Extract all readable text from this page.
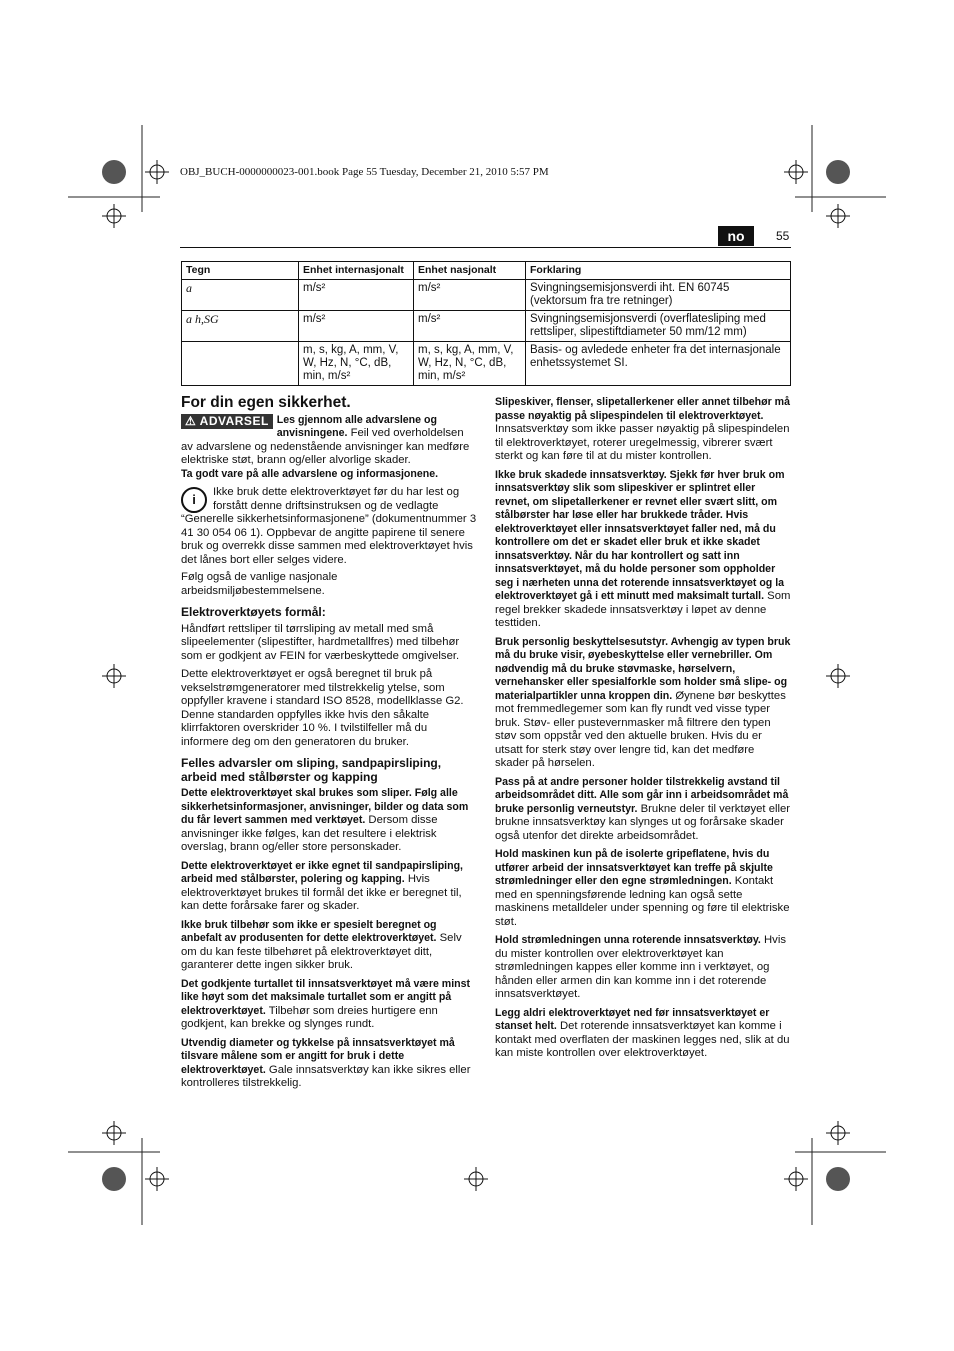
OBJ_BUCH-0000000023-001.book Page 55 Tuesday, December 21, 2010 5:57 PM
no	55
Tegn	Enhet internasjonalt	Enhet nasjonalt	Forklaring
a	m/s²	m/s²	Svingningsemisjonsverdi iht. EN 60745 (vektorsum fra tre retninger)
a h,SG	m/s²	m/s²	Svingningsemisjonsverdi (overflatesliping med rettsliper, slipestiftdiameter 50 mm/12 mm)
	m, s, kg, A, mm, V, W, Hz, N, °C, dB, min, m/s²	m, s, kg, A, mm, V, W, Hz, N, °C, dB, min, m/s²	Basis- og avledede enheter fra det internasjonale enhetssystemet SI.
For din egen sikkerhet.
⚠ ADVARSEL Les gjennom alle advarslene og anvisningene. Feil ved overholdelsen av advarslene og nedenstående anvisninger kan medføre elektriske støt, brann og/eller alvorlige skader.

Ta godt vare på alle advarslene og informasjonene.

i	Ikke bruk dette elektroverktøyet før du har lest og forstått denne driftsinstruksen og de vedlagte “Generelle sikkerhetsinformasjonene” (dokumentnummer 3 41 30 054 06 1). Oppbevar de angitte papirene til senere bruk og overrekk disse sammen med elektroverktøyet hvis det lånes bort eller selges videre.

Følg også de vanlige nasjonale arbeidsmiljøbestemmelsene.

Elektroverktøyets formål:

Håndført rettsliper til tørrsliping av metall med små slipeelementer (slipestifter, hardmetallfres) med tilbehør som er godkjent av FEIN for værbeskyttede omgivelser.

Dette elektroverktøyet er også beregnet til bruk på vekselstrømgeneratorer med tilstrekkelig ytelse, som oppfyller kravene i standard ISO 8528, modellklasse G2. Denne standarden oppfylles ikke hvis den såkalte klirrfaktoren overskrider 10 %. I tvilstilfeller må du informere deg om den generatoren du bruker.

Felles advarsler om sliping, sandpapirsliping, arbeid med stålbørster og kapping

Dette elektroverktøyet skal brukes som sliper. Følg alle sikkerhetsinformasjoner, anvisninger, bilder og data som du får levert sammen med verktøyet. Dersom disse anvisninger ikke følges, kan det resultere i elektrisk overslag, brann og/eller store personskader.

Dette elektroverktøyet er ikke egnet til sandpapirsliping, arbeid med stålbørster, polering og kapping. Hvis elektroverktøyet brukes til formål det ikke er beregnet til, kan dette forårsake farer og skader.

Ikke bruk tilbehør som ikke er spesielt beregnet og anbefalt av produsenten for dette elektroverktøyet. Selv om du kan feste tilbehøret på elektroverktøyet ditt, garanterer dette ingen sikker bruk.

Det godkjente turtallet til innsatsverktøyet må være minst like høyt som det maksimale turtallet som er angitt på elektroverktøyet. Tilbehør som dreies hurtigere enn godkjent, kan brekke og slynges rundt.

Utvendig diameter og tykkelse på innsatsverktøyet må tilsvare målene som er angitt for bruk i dette elektroverktøyet. Gale innsatsverktøy kan ikke sikres eller kontrolleres tilstrekkelig.

Slipeskiver, flenser, slipetallerkener eller annet tilbehør må passe nøyaktig på slipespindelen til elektroverktøyet. Innsatsverktøy som ikke passer nøyaktig på slipespindelen til elektroverktøyet, roterer uregelmessig, vibrerer svært sterkt og kan føre til at du mister kontrollen.

Ikke bruk skadede innsatsverktøy. Sjekk før hver bruk om innsatsverktøy slik som slipeskiver er splintret eller revnet, om slipetallerkener er revnet eller svært slitt, om stålbørster har løse eller har brukkede tråder. Hvis elektroverktøyet eller innsatsverktøyet faller ned, må du kontrollere om det er skadet eller bruk et ikke skadet innsatsverktøy. Når du har kontrollert og satt inn innsatsverktøyet, må du holde personer som oppholder seg i nærheten unna det roterende innsatsverktøyet og la elektroverktøyet gå i ett minutt med maksimalt turtall. Som regel brekker skadede innsatsverktøy i løpet av denne testtiden.

Bruk personlig beskyttelsesutstyr. Avhengig av typen bruk må du bruke visir, øyebeskyttelse eller vernebriller. Om nødvendig må du bruke støvmaske, hørselvern, vernehansker eller spesialforkle som holder små slipe- og materialpartikler unna kroppen din. Øynene bør beskyttes mot fremmedlegemer som kan fly rundt ved visse typer bruk. Støv- eller pustevernmasker må filtrere den typen støv som oppstår ved den aktuelle bruken. Hvis du er utsatt for sterk støy over lengre tid, kan det medføre skader på hørselen.

Pass på at andre personer holder tilstrekkelig avstand til arbeidsområdet ditt. Alle som går inn i arbeidsområdet må bruke personlig verneutstyr. Brukne deler til verktøyet eller brukne innsatsverktøy kan slynges ut og forårsake skader også utenfor det direkte arbeidsområdet.

Hold maskinen kun på de isolerte gripeflatene, hvis du utfører arbeid der innsatsverktøyet kan treffe på skjulte strømledninger eller den egne strømledningen. Kontakt med en spenningsførende ledning kan også sette maskinens metalldeler under spenning og føre til elektriske støt.

Hold strømledningen unna roterende innsatsverktøy. Hvis du mister kontrollen over elektroverktøyet kan strømledningen kappes eller komme inn i verktøyet, og hånden eller armen din kan komme inn i det roterende innsatsverktøyet.

Legg aldri elektroverktøyet ned før innsatsverktøyet er stanset helt. Det roterende innsatsverktøyet kan komme i kontakt med overflaten der maskinen legges ned, slik at du kan miste kontrollen over elektroverktøyet.
